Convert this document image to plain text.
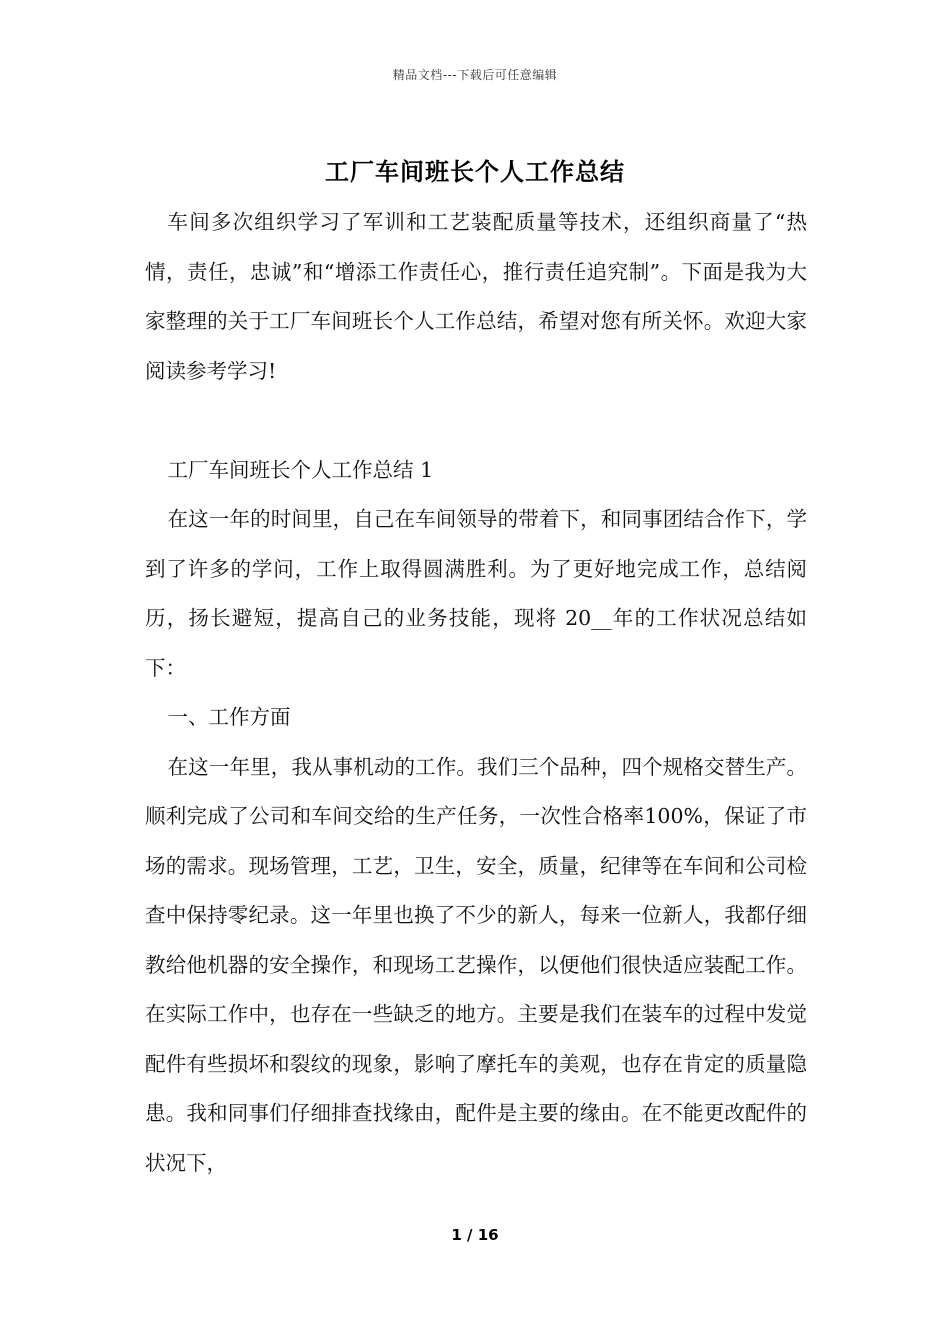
精品文档---下载后可任意编辑
工厂车间班长个人工作总结

车间多次组织学习了军训和工艺装配质量等技术，还组织商量了“热情，责任，忠诚”和“增添工作责任心，推行责任追究制”。下面是我为大家整理的关于工厂车间班长个人工作总结，希望对您有所关怀。欢迎大家阅读参考学习!

工厂车间班长个人工作总结 1

在这一年的时间里，自己在车间领导的带着下，和同事团结合作下，学到了许多的学问，工作上取得圆满胜利。为了更好地完成工作，总结阅历，扬长避短，提高自己的业务技能，现将 20__年的工作状况总结如下：

一、工作方面

在这一年里，我从事机动的工作。我们三个品种，四个规格交替生产。顺利完成了公司和车间交给的生产任务，一次性合格率100%，保证了市场的需求。现场管理，工艺，卫生，安全，质量，纪律等在车间和公司检查中保持零纪录。这一年里也换了不少的新人，每来一位新人，我都仔细教给他机器的安全操作，和现场工艺操作，以便他们很快适应装配工作。在实际工作中，也存在一些缺乏的地方。主要是我们在装车的过程中发觉配件有些损坏和裂纹的现象，影响了摩托车的美观，也存在肯定的质量隐患。我和同事们仔细排查找缘由，配件是主要的缘由。在不能更改配件的状况下，

1 / 16
